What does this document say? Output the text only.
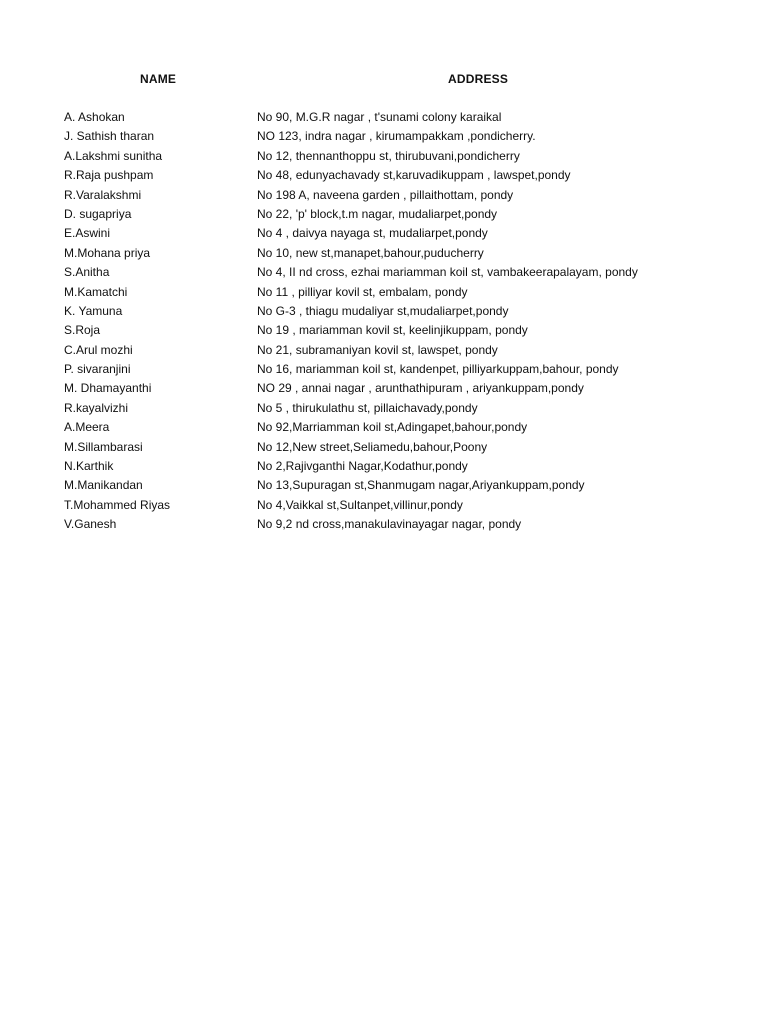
NAME	ADDRESS
A. Ashokan	No 90, M.G.R nagar , t'sunami colony karaikal
J. Sathish tharan	NO 123, indra nagar , kirumampakkam ,pondicherry.
A.Lakshmi sunitha	No 12, thennanthoppu st, thirubuvani,pondicherry
R.Raja pushpam	No 48, edunyachavady st,karuvadikuppam , lawspet,pondy
R.Varalakshmi	No 198 A, naveena garden , pillaithottam, pondy
D. sugapriya	No 22, 'p' block,t.m nagar, mudaliarpet,pondy
E.Aswini	No 4 , daivya nayaga st, mudaliarpet,pondy
M.Mohana priya	No 10, new st,manapet,bahour,puducherry
S.Anitha	No 4, II nd cross, ezhai mariamman koil st, vambakeerapalayam, pondy
M.Kamatchi	No 11 , pilliyar kovil st, embalam, pondy
K. Yamuna	No G-3 , thiagu mudaliyar st,mudaliarpet,pondy
S.Roja	No 19 , mariamman kovil st, keelinjikuppam, pondy
C.Arul mozhi	No 21, subramaniyan kovil st, lawspet, pondy
P. sivaranjini	No 16, mariamman koil st, kandenpet, pilliyarkuppam,bahour, pondy
M. Dhamayanthi	NO 29 , annai nagar , arunthathipuram , ariyankuppam,pondy
R.kayalvizhi	No 5 , thirukulathu st, pillaichavady,pondy
A.Meera	No 92,Marriamman koil st,Adingapet,bahour,pondy
M.Sillambarasi	No 12,New street,Seliamedu,bahour,Poony
N.Karthik	No 2,Rajivganthi Nagar,Kodathur,pondy
M.Manikandan	No 13,Supuragan st,Shanmugam nagar,Ariyankuppam,pondy
T.Mohammed Riyas	No 4,Vaikkal st,Sultanpet,villinur,pondy
V.Ganesh	No 9,2 nd cross,manakulavinayagar nagar, pondy
